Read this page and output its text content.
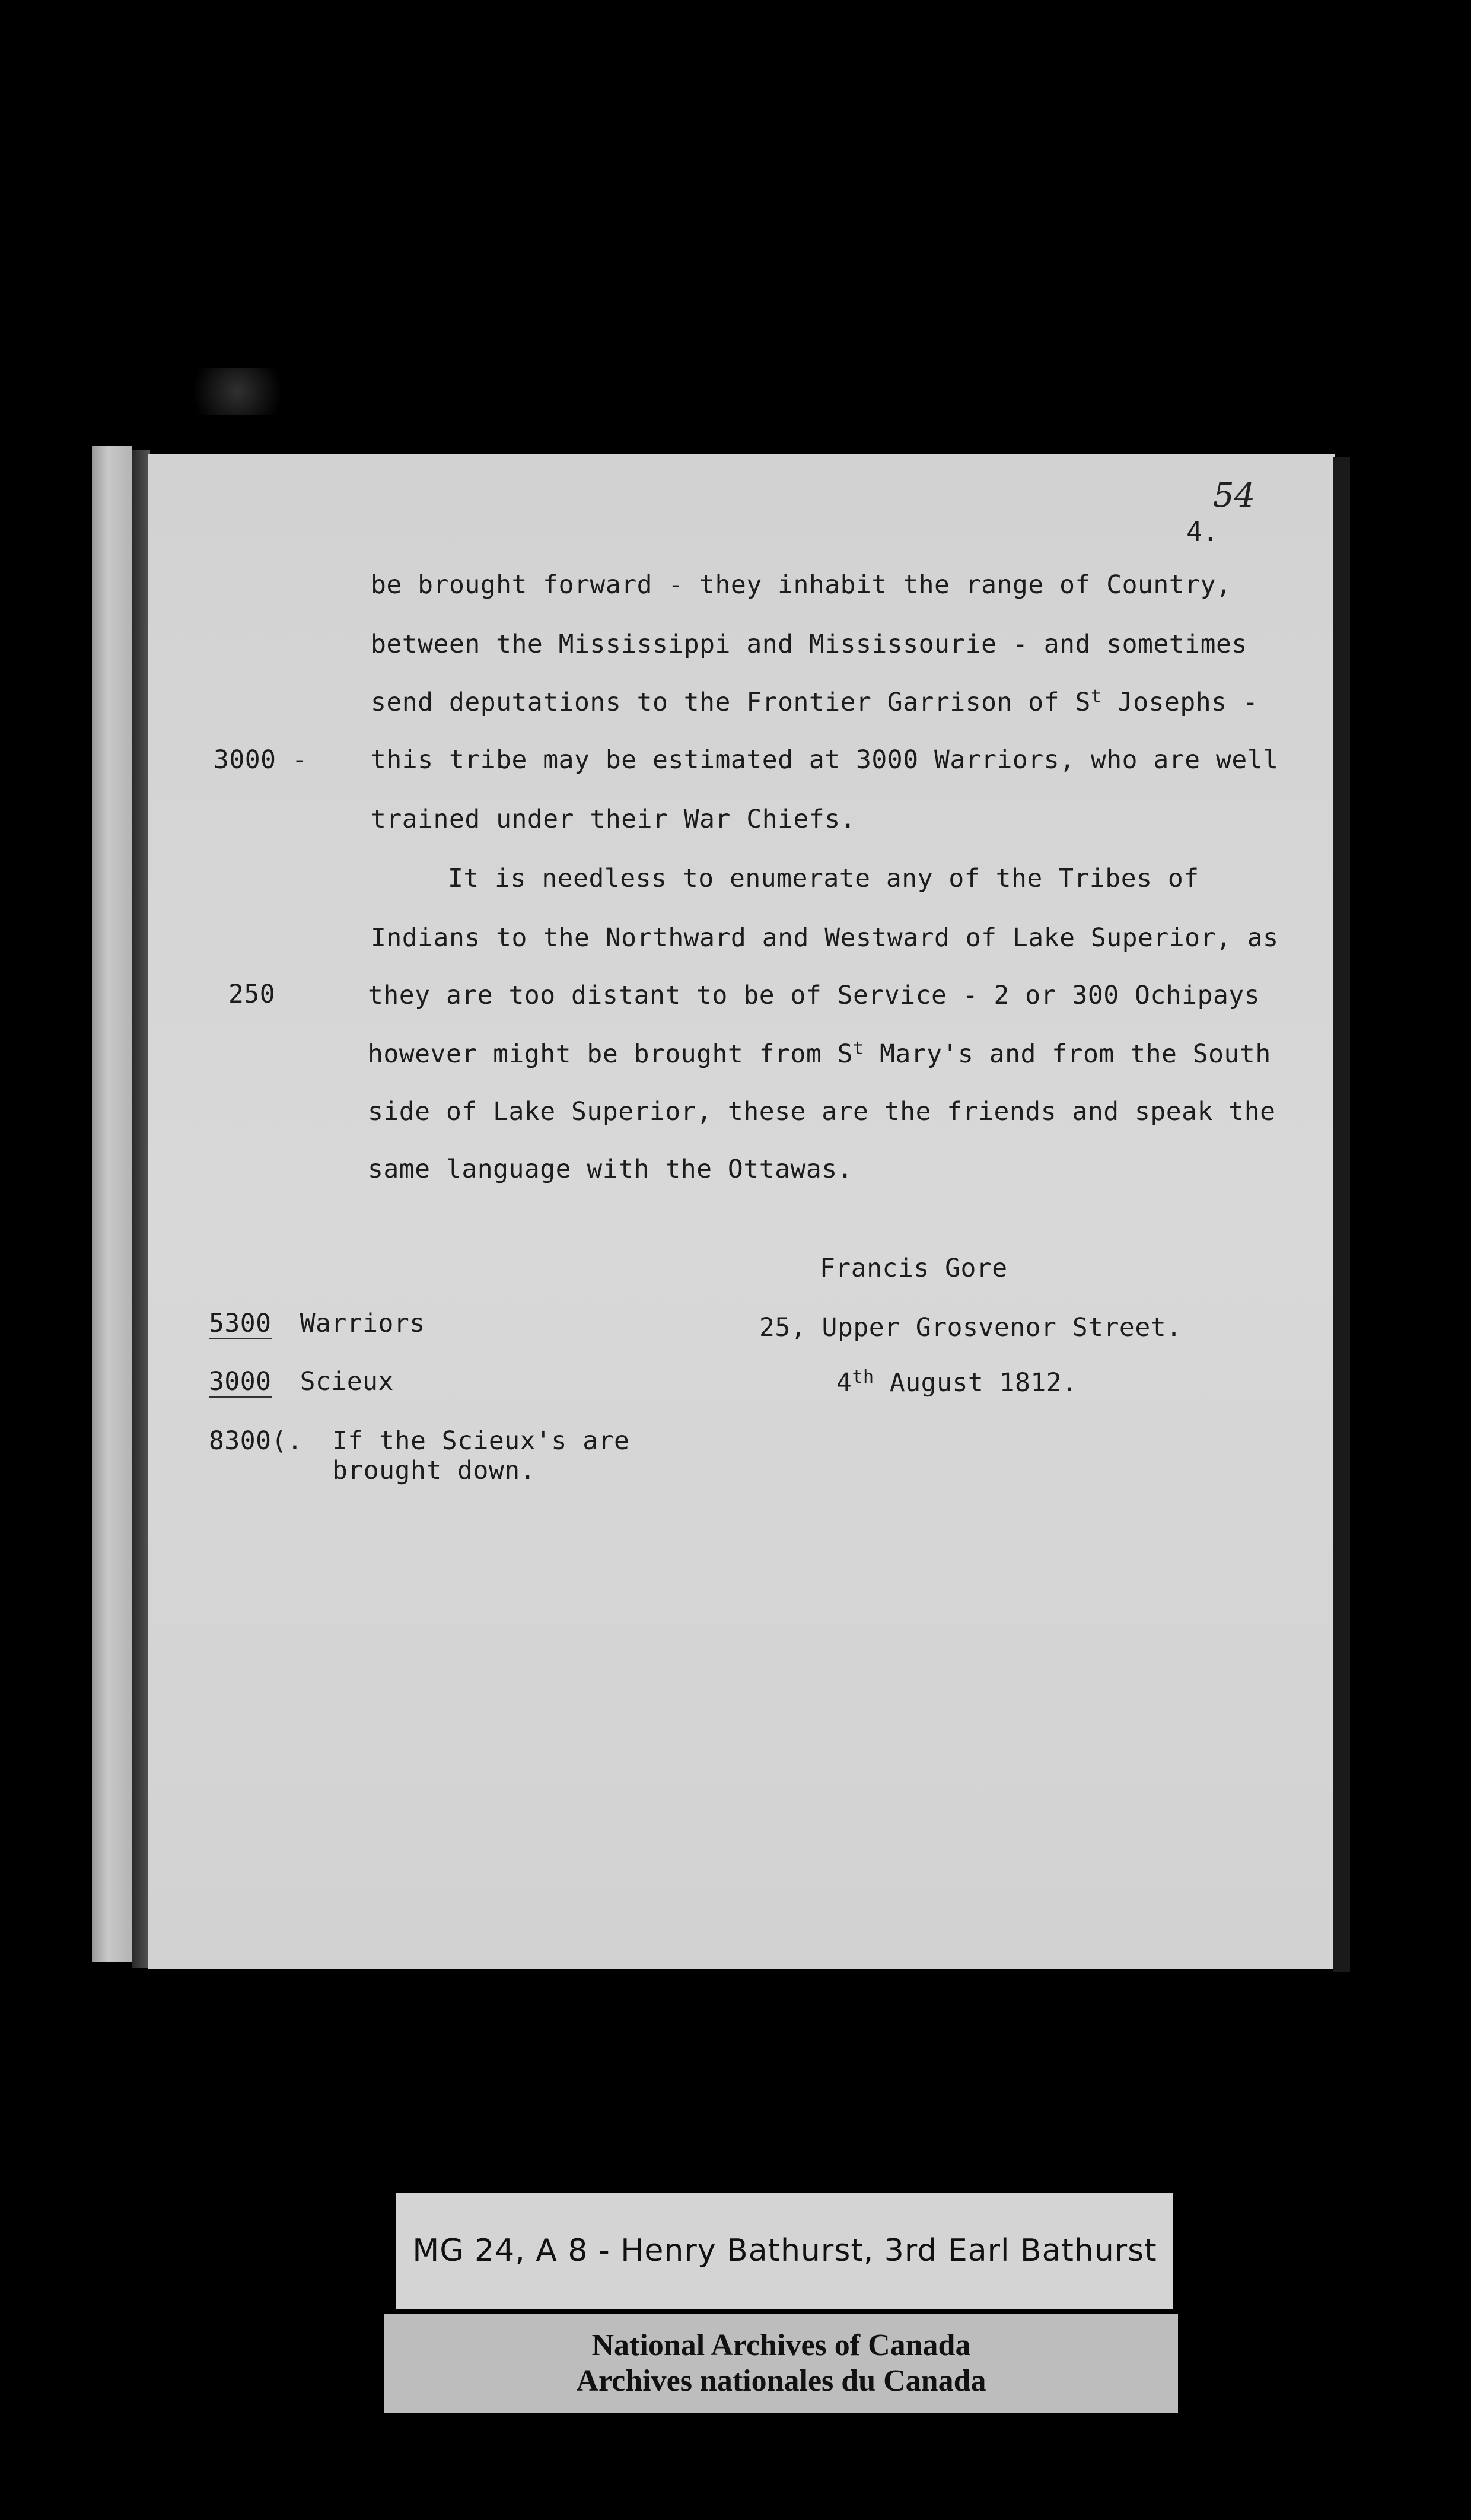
54
4.
be brought forward - they inhabit the range of Country,
between the Mississippi and Mississourie - and sometimes
send deputations to the Frontier Garrison of $S^t$ Josephs -
3000 - this tribe may be estimated at 3000 Warriors, who are well
trained under their War Chiefs.
It is needless to enumerate any of the Tribes of
Indians to the Northward and Westward of Lake Superior, as
250	they are too distant to be of Service - 2 or 300 Ochipays
however might be brought from $S^t$ Mary's and from the South
side of Lake Superior, these are the friends and speak the
same language with the Ottawas.
Francis Gore
25, Upper Grosvenor Street.
4th August 1812.
5300 Warriors
3000 Scieux
8300(. If the Scieux's are
brought down.
MG 24, A 8 - Henry Bathurst, 3rd Earl Bathurst
National Archives of Canada
Archives nationales du Canada
